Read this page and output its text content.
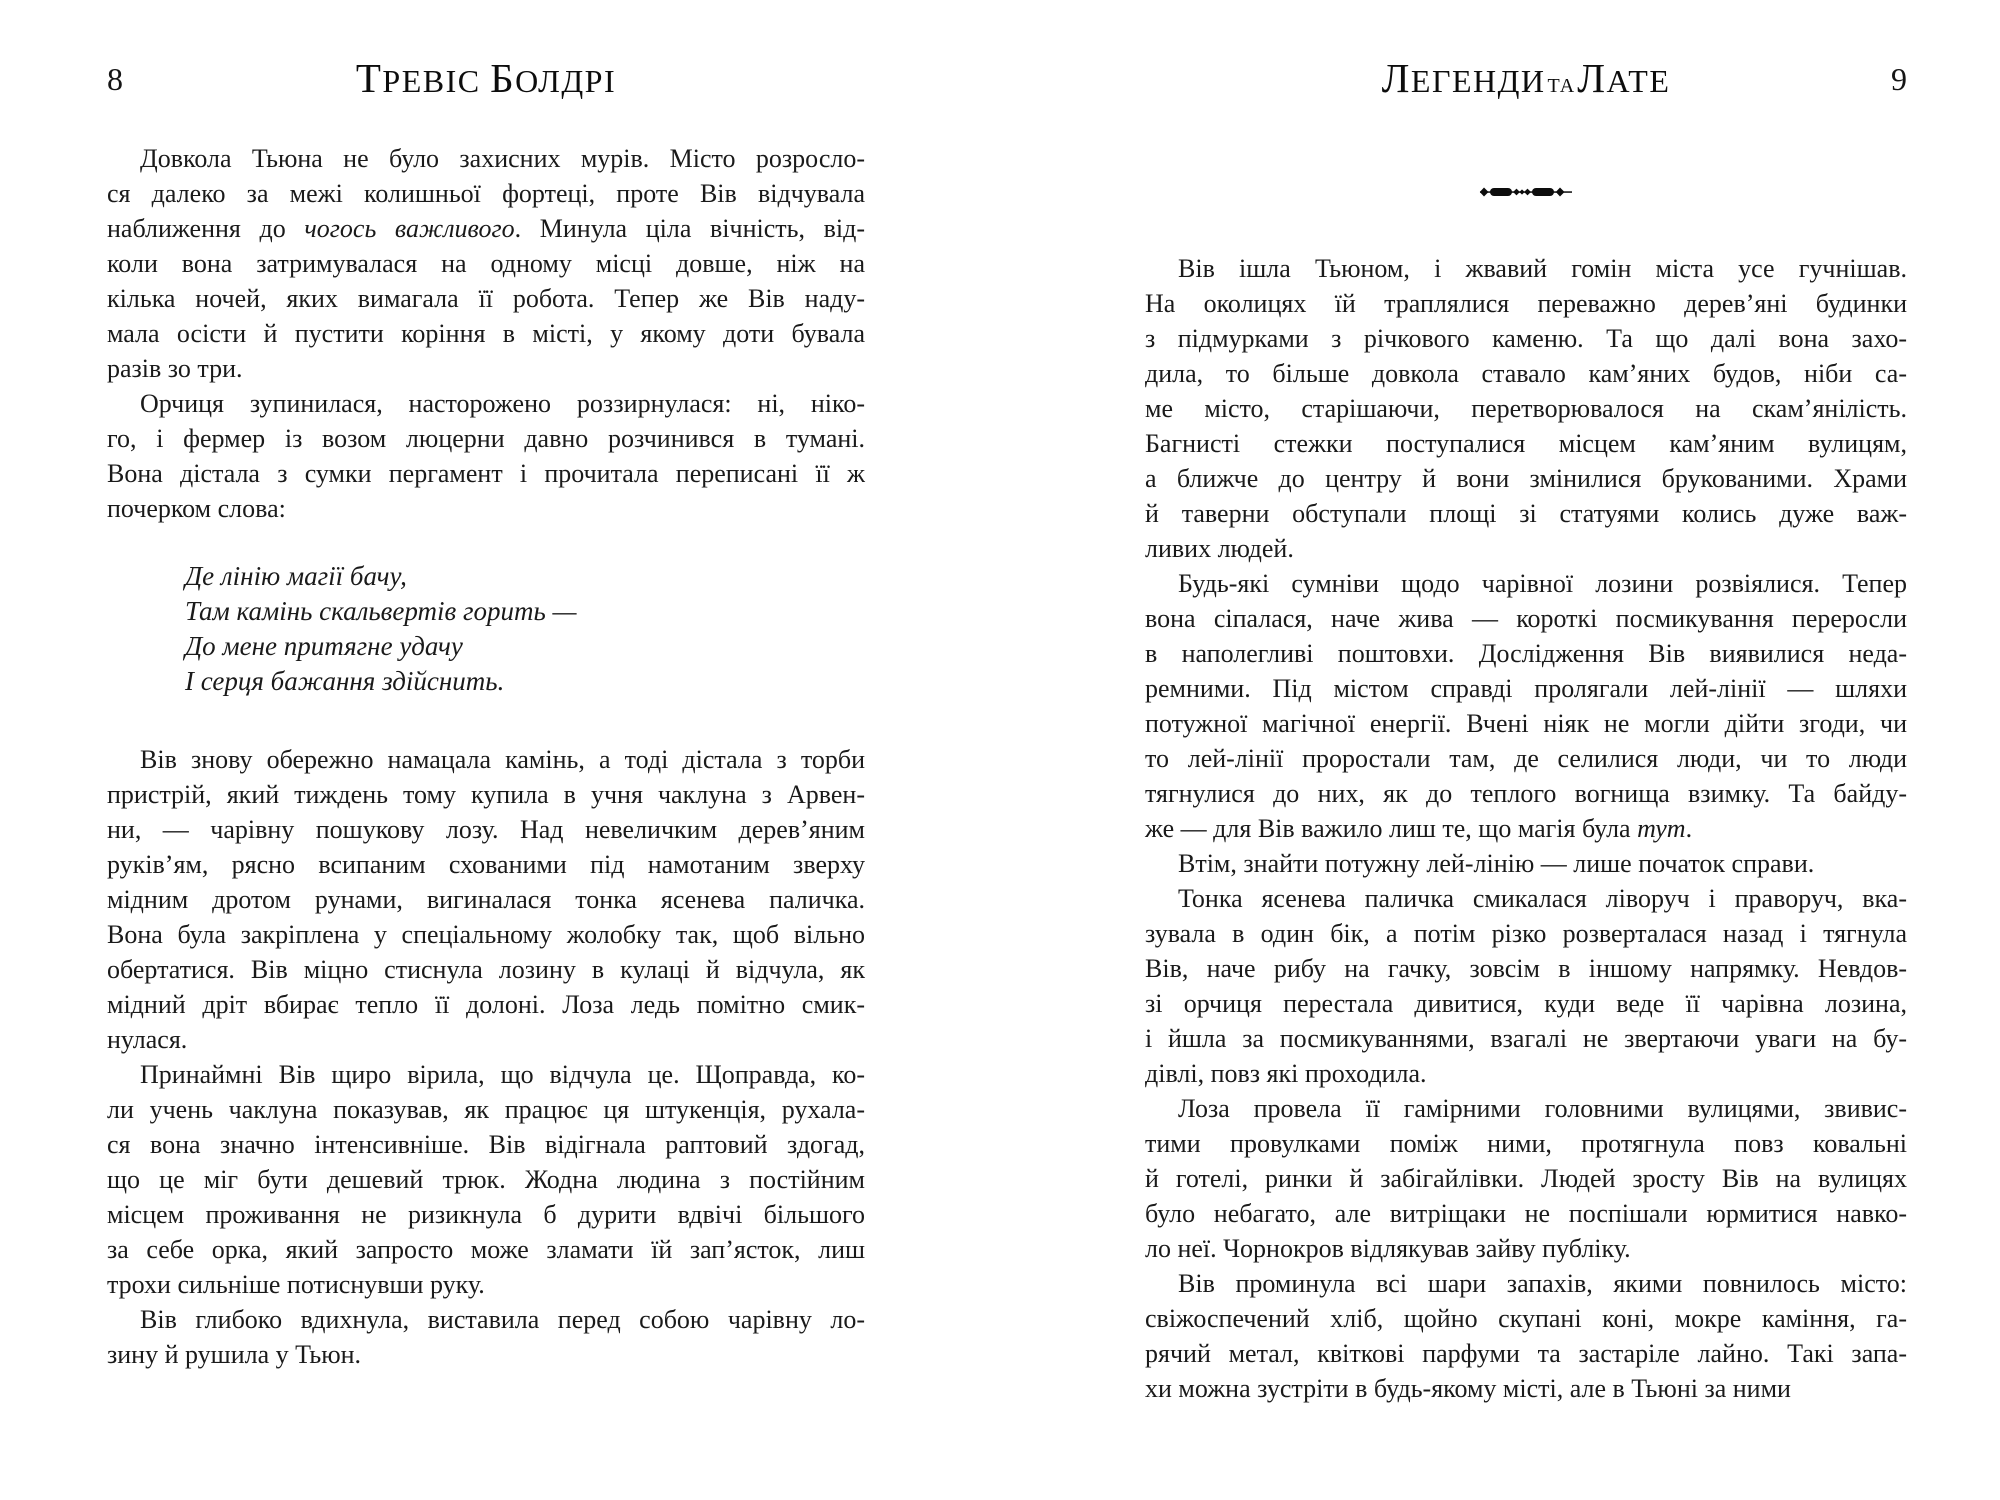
8	ТРЕВІС БОЛДРІ
Довкола Тьюна не було захисних мурів. Місто розросло-
ся далеко за межі колишньої фортеці, проте Вів відчувала
наближення до чогось важливого. Минула ціла вічність, від-
коли вона затримувалася на одному місці довше, ніж на
кілька ночей, яких вимагала її робота. Тепер же Вів наду-
мала осісти й пустити коріння в місті, у якому доти бувала
разів зо три.
Орчиця зупинилася, насторожено роззирнулася: ні, ніко-
го, і фермер із возом люцерни давно розчинився в тумані.
Вона дістала з сумки пергамент і прочитала переписані її ж
почерком слова:
Де лінію магії бачу,
Там камінь скальвертів горить —
До мене притягне удачу
І серця бажання здійснить.
Вів знову обережно намацала камінь, а тоді дістала з торби
пристрій, який тиждень тому купила в учня чаклуна з Арвен-
ни, — чарівну пошукову лозу. Над невеличким дерев’яним
руків’ям, рясно всипаним схованими під намотаним зверху
мідним дротом рунами, вигиналася тонка ясенева паличка.
Вона була закріплена у спеціальному жолобку так, щоб вільно
обертатися. Вів міцно стиснула лозину в кулаці й відчула, як
мідний дріт вбирає тепло її долоні. Лоза ледь помітно смик-
нулася.
Принаймні Вів щиро вірила, що відчула це. Щоправда, ко-
ли учень чаклуна показував, як працює ця штукенція, рухала-
ся вона значно інтенсивніше. Вів відігнала раптовий здогад,
що це міг бути дешевий трюк. Жодна людина з постійним
місцем проживання не ризикнула б дурити вдвічі більшого
за себе орка, який запросто може зламати їй зап’ясток, лиш
трохи сильніше потиснувши руку.
Вів глибоко вдихнула, виставила перед собою чарівну ло-
зину й рушила у Тьюн.
ЛЕГЕНДИ ТАЛАТЕ	9
Вів ішла Тьюном, і жвавий гомін міста усе гучнішав.
На околицях їй траплялися переважно дерев’яні будинки
з підмурками з річкового каменю. Та що далі вона захо-
дила, то більше довкола ставало кам’яних будов, ніби са-
ме місто, старішаючи, перетворювалося на скам’янілість.
Багнисті стежки поступалися місцем кам’яним вулицям,
а ближче до центру й вони змінилися брукованими. Храми
й таверни обступали площі зі статуями колись дуже важ-
ливих людей.
Будь-які сумніви щодо чарівної лозини розвіялися. Тепер
вона сіпалася, наче жива — короткі посмикування переросли
в наполегливі поштовхи. Дослідження Вів виявилися неда-
ремними. Під містом справді пролягали лей-лінії — шляхи
потужної магічної енергії. Вчені ніяк не могли дійти згоди, чи
то лей-лінії проростали там, де селилися люди, чи то люди
тягнулися до них, як до теплого вогнища взимку. Та байду-
же — для Вів важило лиш те, що магія була тут.
Втім, знайти потужну лей-лінію — лише початок справи.
Тонка ясенева паличка смикалася ліворуч і праворуч, вка-
зувала в один бік, а потім різко розверталася назад і тягнула
Вів, наче рибу на гачку, зовсім в іншому напрямку. Невдов-
зі орчиця перестала дивитися, куди веде її чарівна лозина,
і йшла за посмикуваннями, взагалі не звертаючи уваги на бу-
дівлі, повз які проходила.
Лоза провела її гамірними головними вулицями, звивис-
тими провулками поміж ними, протягнула повз ковальні
й готелі, ринки й забігайлівки. Людей зросту Вів на вулицях
було небагато, але витріщаки не поспішали юрмитися навко-
ло неї. Чорнокров відлякував зайву публіку.
Вів проминула всі шари запахів, якими повнилось місто:
свіжоспечений хліб, щойно скупані коні, мокре каміння, га-
рячий метал, квіткові парфуми та застаріле лайно. Такі запа-
хи можна зустріти в будь-якому місті, але в Тьюні за ними
